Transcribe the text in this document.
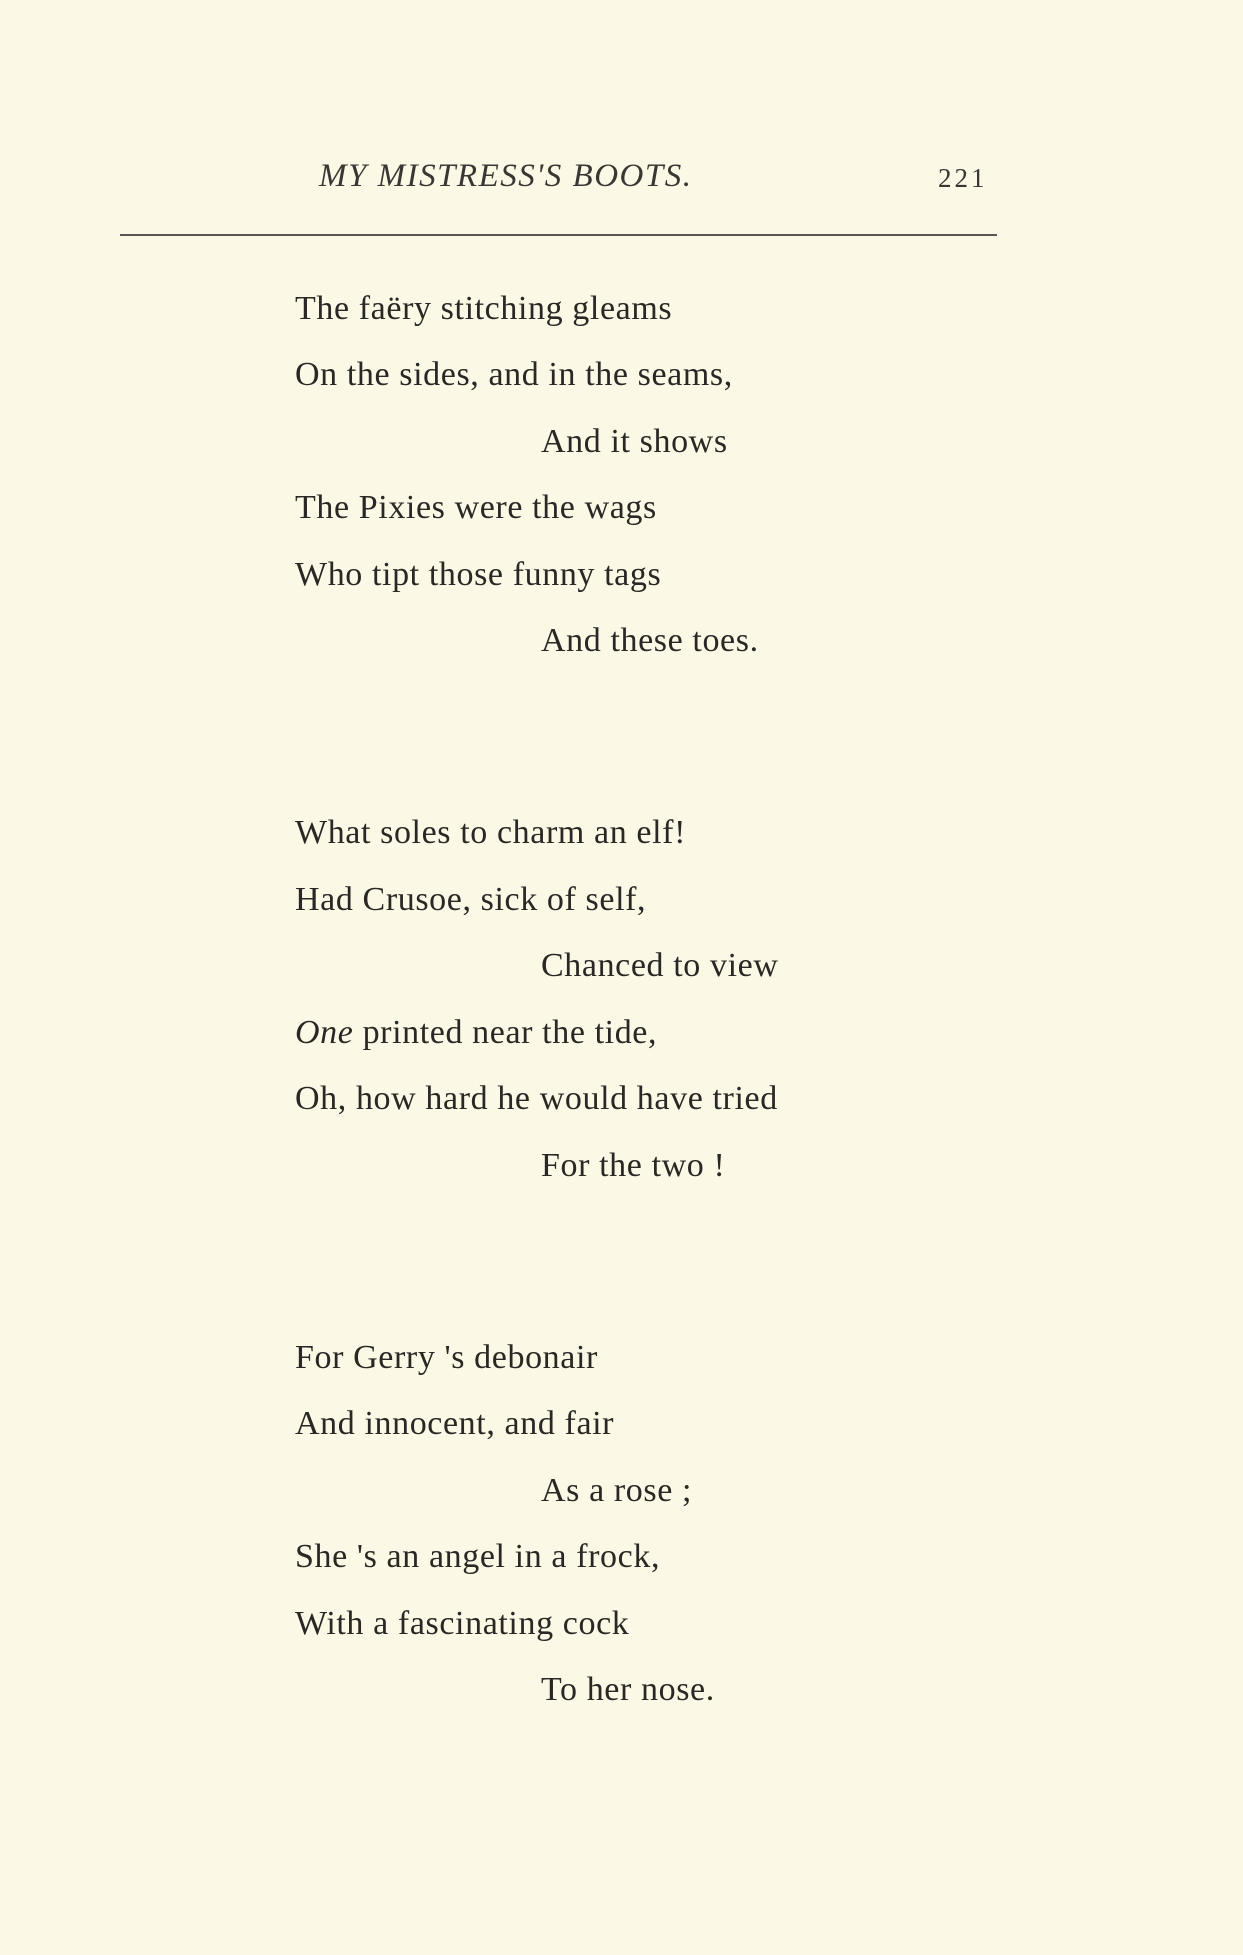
MY MISTRESS'S BOOTS.	221
The faëry stitching gleams
On the sides, and in the seams,
And it shows
The Pixies were the wags
Who tipt those funny tags
And these toes.
What soles to charm an elf!
Had Crusoe, sick of self,
Chanced to view
One printed near the tide,
Oh, how hard he would have tried
For the two !
For Gerry 's debonair
And innocent, and fair
As a rose ;
She 's an angel in a frock,
With a fascinating cock
To her nose.
